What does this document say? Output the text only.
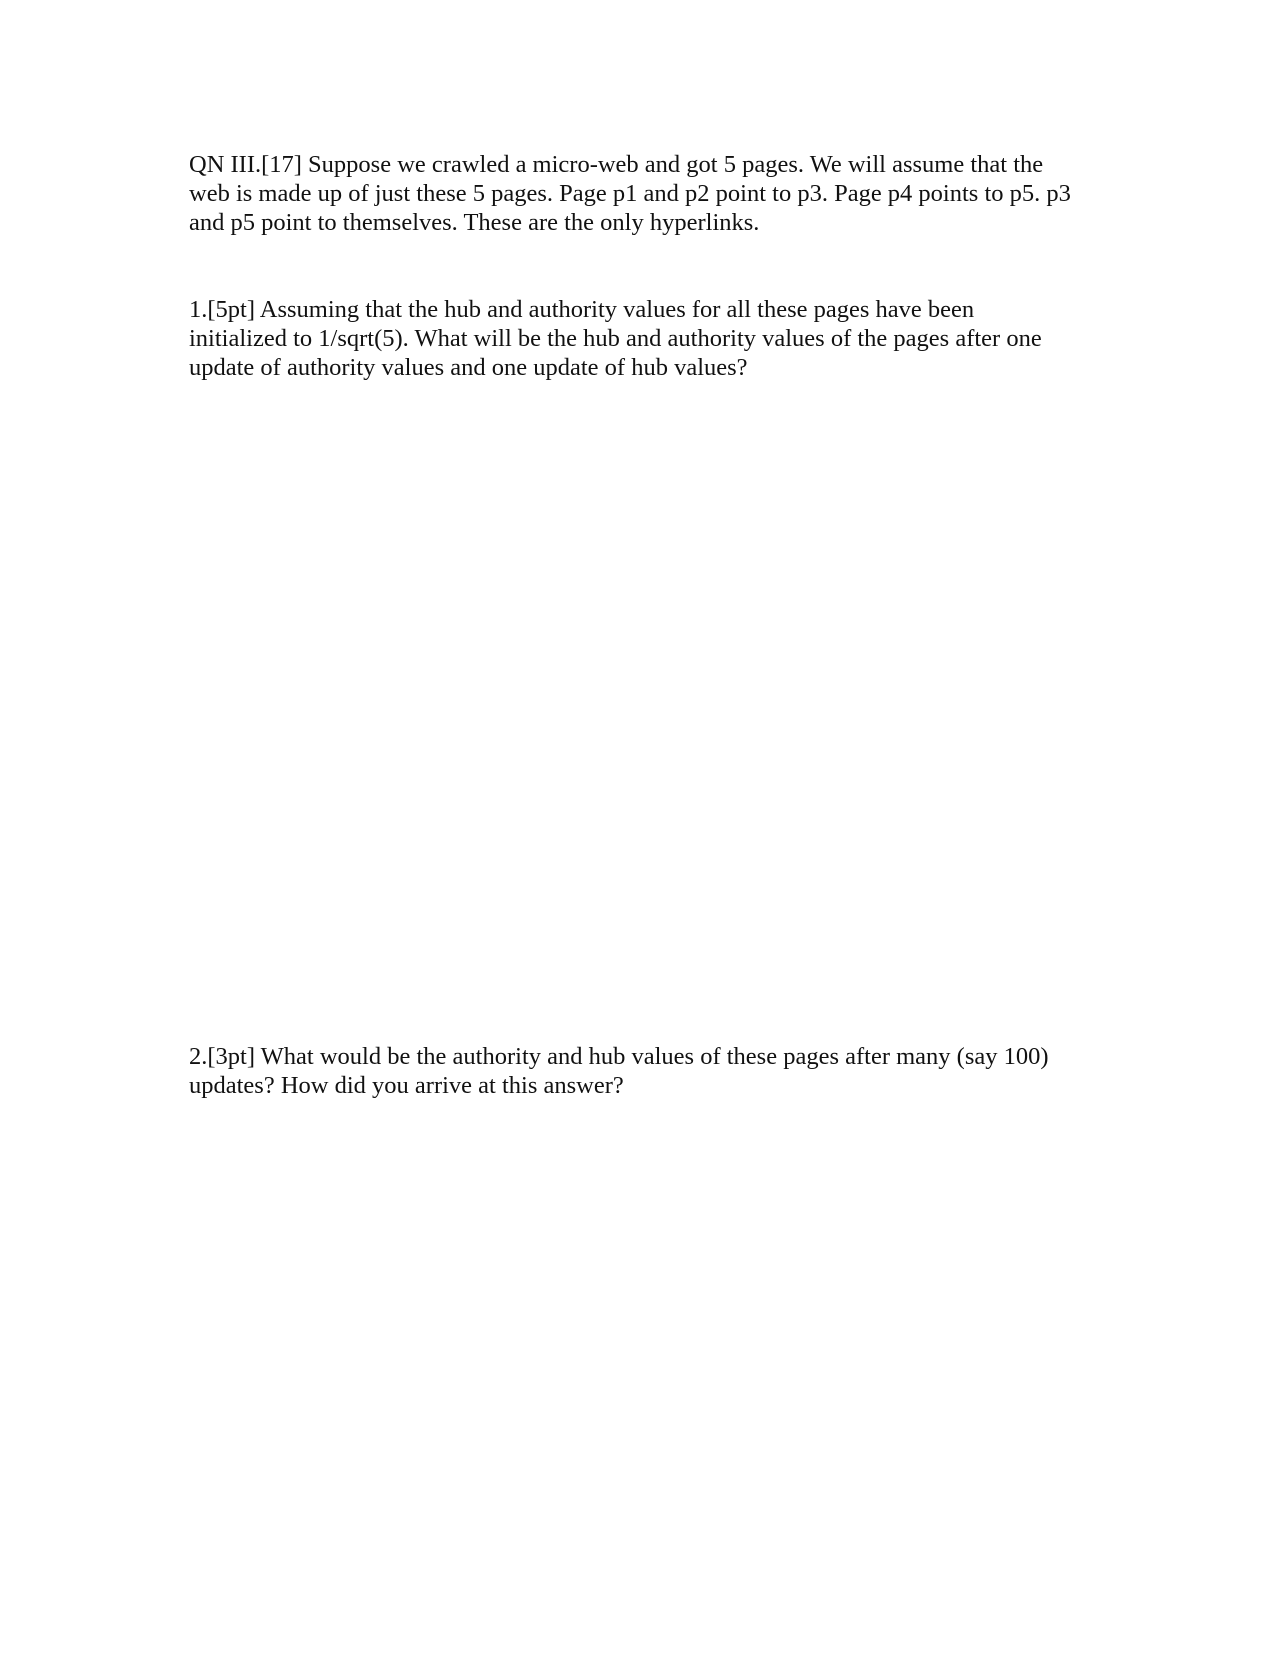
QN III.[17] Suppose we crawled a micro-web and got 5 pages. We will assume that the
web is made up of just these 5 pages. Page p1 and p2 point to p3. Page p4 points to p5. p3
and p5 point to themselves. These are the only hyperlinks.
1.[5pt] Assuming that the hub and authority values for all these pages have been
initialized to 1/sqrt(5). What will be the hub and authority values of the pages after one
update of authority values and one update of hub values?
2.[3pt] What would be the authority and hub values of these pages after many (say 100)
updates? How did you arrive at this answer?
